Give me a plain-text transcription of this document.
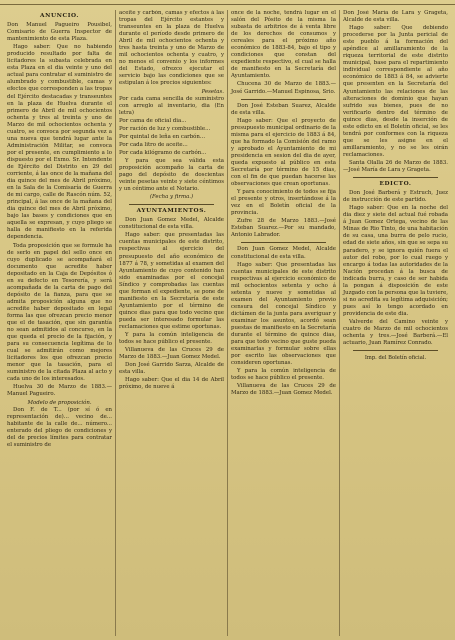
ANUNCIO.

Don Manuel Pagueiro Pousibel, Comisario de Guerra Inspector de mantenimiento de esta Plaza.

Hago saber: Que no habiendo producido resultado por falta de licitadores la subasta celebrada en esta Plaza en el dia veinte y uno del actual para contratar el suministro de alumbrado y combustible, camas y efectos que corresponden a las tropas del Ejército destacadas y transeuntes en la plaza de Huelva durante el primero de Abril de mil ochocientos ochenta y tres al treinta y uno de Marzo de mil ochocientos ochenta y cuatro, se convoca por segunda vez a una nueva que tendrá lugar ante la Administración Militar, se convoca por el presente, en cumplimiento a lo dispuesto por el Exmo. Sr. Intendente de Ejército del Distrito en 29 del corriente, á las once de la mañana del dia quince del mes de Abril próximo, en la Sala de la Comisaría de Guerra de mi cargo, calle de Rascón núm. 52, principal, á las once de la mañana del dia quince del mes de Abril próximo, bajo las bases y condiciones que en aquella se expresan, y cuyo pliego se halla de manifiesto en la referida dependencia.

Toda proposición que se formule ha de serlo en papel del sello once en cuyo duplicado se acompañará el documento que acredite haber depositado en la Caja de Depósitos ó en su defecto en Tesorería, y será acompañada de la carta de pago del depósito de la fianza, para que se admita proposición alguna que no acredite haber depositado en legal forma las que ofrezcan precio menor que el de tasación, que sin garantía no sean admitidos al concurso, en la que queda el precio de la fijación, y para su consecuencia legítima de lo cual se admitirán como mejores licitadores los que ofrezcan precio menor que la tasación, para el suministro de la citada Plaza al acto y cada uno de los interesados.

Huelva 30 de Marzo de 1883.—Manuel Pagueiro.

Modelo de proposición.

Don F. de T... (por sí ó en representación de)... vecino de... habitante de la calle de... número... enterado del pliego de condiciones y del de precios límites para contratar el suministro de

aceite y carbón, camas y efectos á las tropas del Ejército estantes y transeuntes en la plaza de Huelva durante el período desde primero de Abril de mil ochocientos ochenta y tres hasta treinta y uno de Marzo de mil ochocientos ochenta y cuatro, y no menos el convenio y los informes del Estado, ofrezco ejecutar el servicio bajo las condiciones que se estipulan á los precios siguientes:

Pesetas.

Por cada cama sencilla de suministro con arreglo al inventario, dia (En letra)

Por cama de oficial dia...

Por ración de luz y combustible...

Por quintal de leña en carbón...

Por cada litro de aceite...

Por cada kilógramo de carbón...

Y para que sea válida esta proposición acompaño la carta de pago del depósito de doscientas veinte pesetas veinte y siete céntimos y un céntimo ante el Notario.

(Fecha y firma.)
AYUNTAMIENTOS.

Don Juan Gomez Medel, Alcalde constitucional de esta villa.

Hago saber: que presentadas las cuentas municipales de este distrito, respectivas al ejercicio del presupuesto del año económico de 1877 á 78, y sometidas al examen del Ayuntamiento de cuyo contenido han sido examinadas por el concejal Síndico y comprobadas las cuentas que forman el expediente, se pone de manifiesto en la Secretaría de este Ayuntamiento por el término de quince dias para que todo vecino que pueda ser interesado formular las reclamaciones que estime oportunas.

Y para la común inteligencia de todos se hace público el presente.

Villanueva de las Cruces 29 de Marzo de 1883.—Juan Gomez Medel.

Don José Garrido Sarza, Alcalde de esta villa.

Hago saber: Que el dia 14 de Abril próximo, de nueve á

once de la noche, tendrá lugar en el salón del Pósito de la misma la subasta de arbitrios de á venta libre de los derechos de consumos y cereales para el próximo año económico de 1883-84, bajo el tipo y condiciones que constan del expediente respectivo, el cual se halla de manifiesto en la Secretaría del Ayuntamiento.

Chucena 30 de Marzo de 1883.—José Garrido.—Manuel Espinosa, Srio.

Don José Esteban Suarez, Alcalde de esta villa.

Hago saber: Que el proyecto de presupuesto municipal ordinario de la misma para el ejercicio de 1883 á 84, que ha formado la Comisión del ramo y aprobado el Ayuntamiento de mi presidencia en sesion del dia de ayer, queda expuesto al público en esta Secretaría por término de 15 dias, con el fin de que puedan hacerse las observaciones que crean oportunas.

Y para conocimiento de todos se fija el presente y otros, insertándose á la vez en el Boletín oficial de la provincia.

Zufre 28 de Marzo 1883.—José Esteban Suarez.—Por su mandado, Antonio Labrador.

Don Juan Gomez Medel, Alcalde constitucional de esta villa.

Hago saber: Que presentadas las cuentas municipales de este distrito respectivas al ejercicio económico de mil ochocientos setenta y ocho á setenta y nueve y sometidas al examen del Ayuntamiento previo censura del concejal Síndico y dictámen de la junta para averiguar y examinar los asuntos, acordó sean puestas de manifiesto en la Secretaría durante el término de quince dias, para que todo vecino que guste pueda examinarlas y formular sobre ellas por escrito las observaciones que consideren oportunas.

Y para la común inteligencia de todos se hace público el presente.

Villanueva de las Cruces 29 de Marzo de 1883.—Juan Gomez Medel.

Don José María de Lara y Grageta, Alcalde de esta villa.

Hago saber: Que debiendo procederse por la Junta pericial de este pueblo á la formación del apéndice al amillaramiento de la riqueza territorial de este distrito municipal, base para el repartimiento individual correspondiente al año económico de 1883 á 84, se advierte que presenten en la Secretaría del Ayuntamiento las relaciones de las alteraciones de dominio que hayan sufrido sus bienes, pues de no verificarlo dentro del término de quince dias, desde la inserción de este edicto en el Boletín oficial, se les tendrá por conformes con la riqueza que se les asigne en el amillaramiento, y no se les oirán reclamaciones.

Santa Olalla 26 de Marzo de 1883.—José María de Lara y Grageta.

EDICTO.

Don José Barberá y Estruch, Juez de instrucción de este partido.

Hago saber: Que en la noche del dia diez y siete del actual fué robada á Juan Gomez Ortega, vecino de las Minas de Rio Tinto, de una habitación de su casa, una burra de pelo rucio, edad de siete años, sin que se sepa su paradero, y se ignora quién fuera el autor del robo, por lo cual ruego y encargo á todas las autoridades de la Nación procedan á la busca de indicada burra, y caso de ser habida la pongan á disposición de este Juzgado con la persona que la tuviere, si no acredita su legítima adquisición; pues así lo tengo acordado en providencia de este dia.

Valverde del Camino veinte y cuatro de Marzo de mil ochocientos ochenta y tres.—José Barberá.—El actuario, Juan Ramírez Conrado.

Imp. del Boletín oficial.
